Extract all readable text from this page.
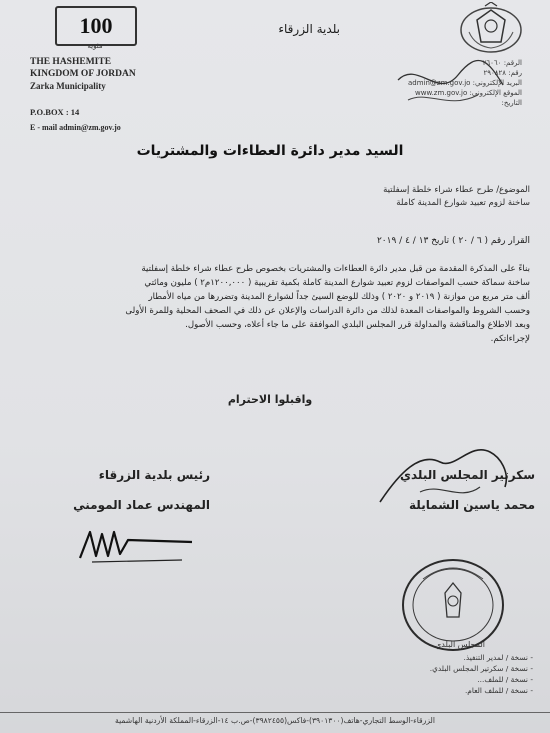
100
مئوية
بلدية الزرقاء
THE HASHEMITE
KINGDOM OF JORDAN
Zarka Municipality
P.O.BOX : 14
E - mail admin@zm.gov.jo
الرقم: ٢٦٠٦٠
رقم: ٢٩٠٨٢٨
البريد الإلكتروني: admin@zm.gov.jo
الموقع الإلكتروني: www.zm.gov.jo
التاريخ:
السيد مدير دائرة العطاءات والمشتريات
الموضوع/ طرح عطاء شراء خلطة إسفلتية
ساخنة لزوم تعبيد شوارع المدينة كاملة
القرار رقم ( ٦ / ٢٠ ) تاريخ ١٣ / ٤ / ٢٠١٩
بناءً على المذكرة المقدمة من قبل مدير دائرة العطاءات والمشتريات بخصوص طرح عطاء شراء خلطة إسفلتية
ساخنة سماكة حسب المواصفات لزوم تعبيد شوارع المدينة كاملة بكمية تقريبية ( ١٢٠٠,٠٠٠م٢ ) مليون ومائتي
ألف متر مربع من موازنة ( ٢٠١٩ و ٢٠٢٠ ) وذلك للوضع السيئ جداً لشوارع المدينة وتضررها من مياه الأمطار
وحسب الشروط والمواصفات المعدة لذلك من دائرة الدراسات والإعلان عن ذلك في الصحف المحلية وللمرة الأولى
وبعد الاطلاع والمناقشة والمداولة قرر المجلس البلدي الموافقة على ما جاء أعلاه، وحسب الأصول.
لإجراءاتكم.
واقبلوا الاحترام
رئيس بلدية الزرقاء
المهندس عماد المومني
سكرتير المجلس البلدي
محمد ياسين الشمايلة
المجلس البلدي
- نسخة / لمدير التنفيذ.
- نسخة / سكرتير المجلس البلدي.
- نسخة / للملف...
- نسخة / للملف العام.
الزرقاء-الوسط التجاري-هاتف(٣٩٠١٣٠٠)-فاكس(٣٩٨٢٤٥٥)-ص.ب ١٤-الزرقاء-المملكة الأردنية الهاشمية
